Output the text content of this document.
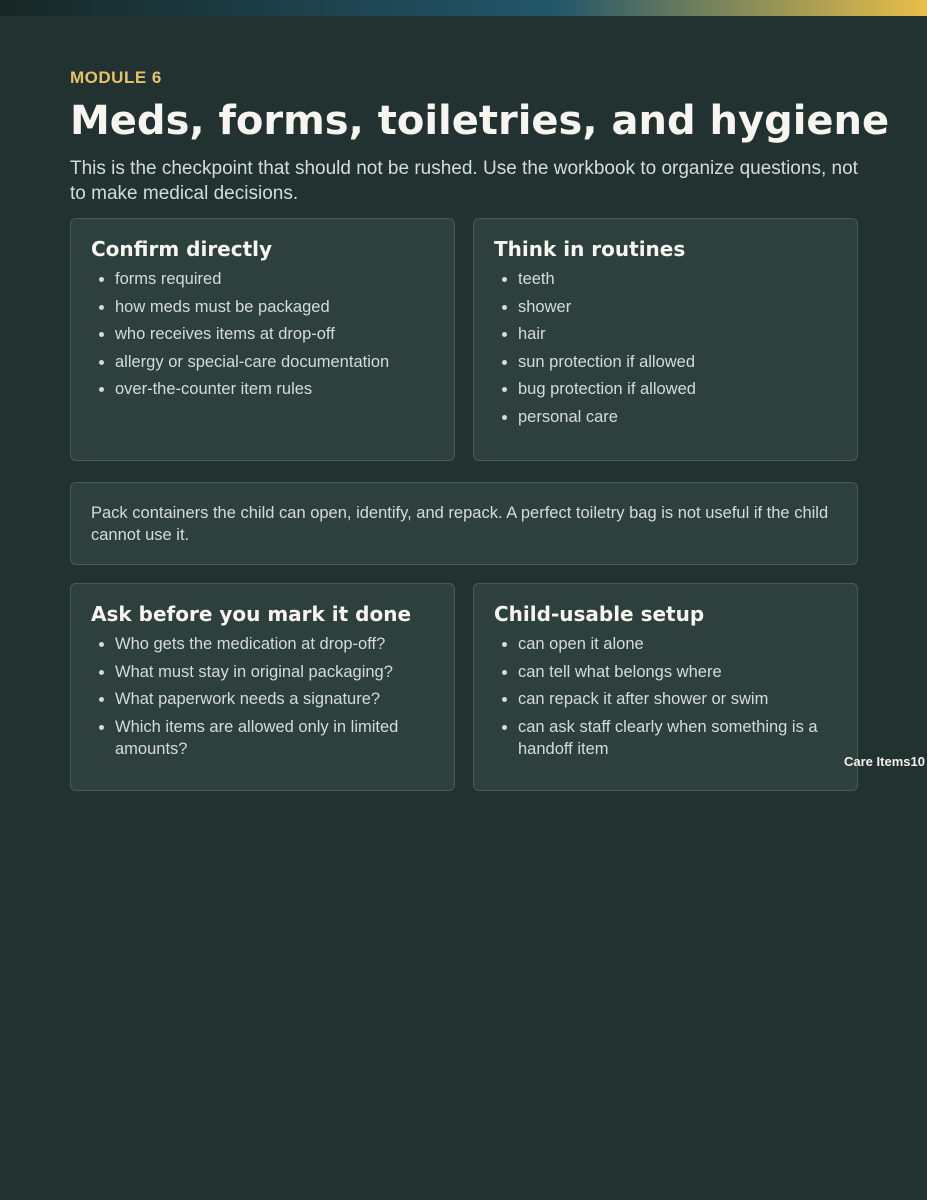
MODULE 6
Meds, forms, toiletries, and hygiene

This is the checkpoint that should not be rushed. Use the workbook to organize questions, not to make medical decisions.

Confirm directly
• forms required
• how meds must be packaged
• who receives items at drop-off
• allergy or special-care documentation
• over-the-counter item rules
Think in routines
• teeth
• shower
• hair
• sun protection if allowed
• bug protection if allowed
• personal care

Pack containers the child can open, identify, and repack. A perfect toiletry bag is not useful if the child cannot use it.

Ask before you mark it done
• Who gets the medication at drop-off?
• What must stay in original packaging?
• What paperwork needs a signature?
• Which items are allowed only in limited amounts?
Child-usable setup
• can open it alone
• can tell what belongs where
• can repack it after shower or swim
• can ask staff clearly when something is a handoff item
Care Items10
